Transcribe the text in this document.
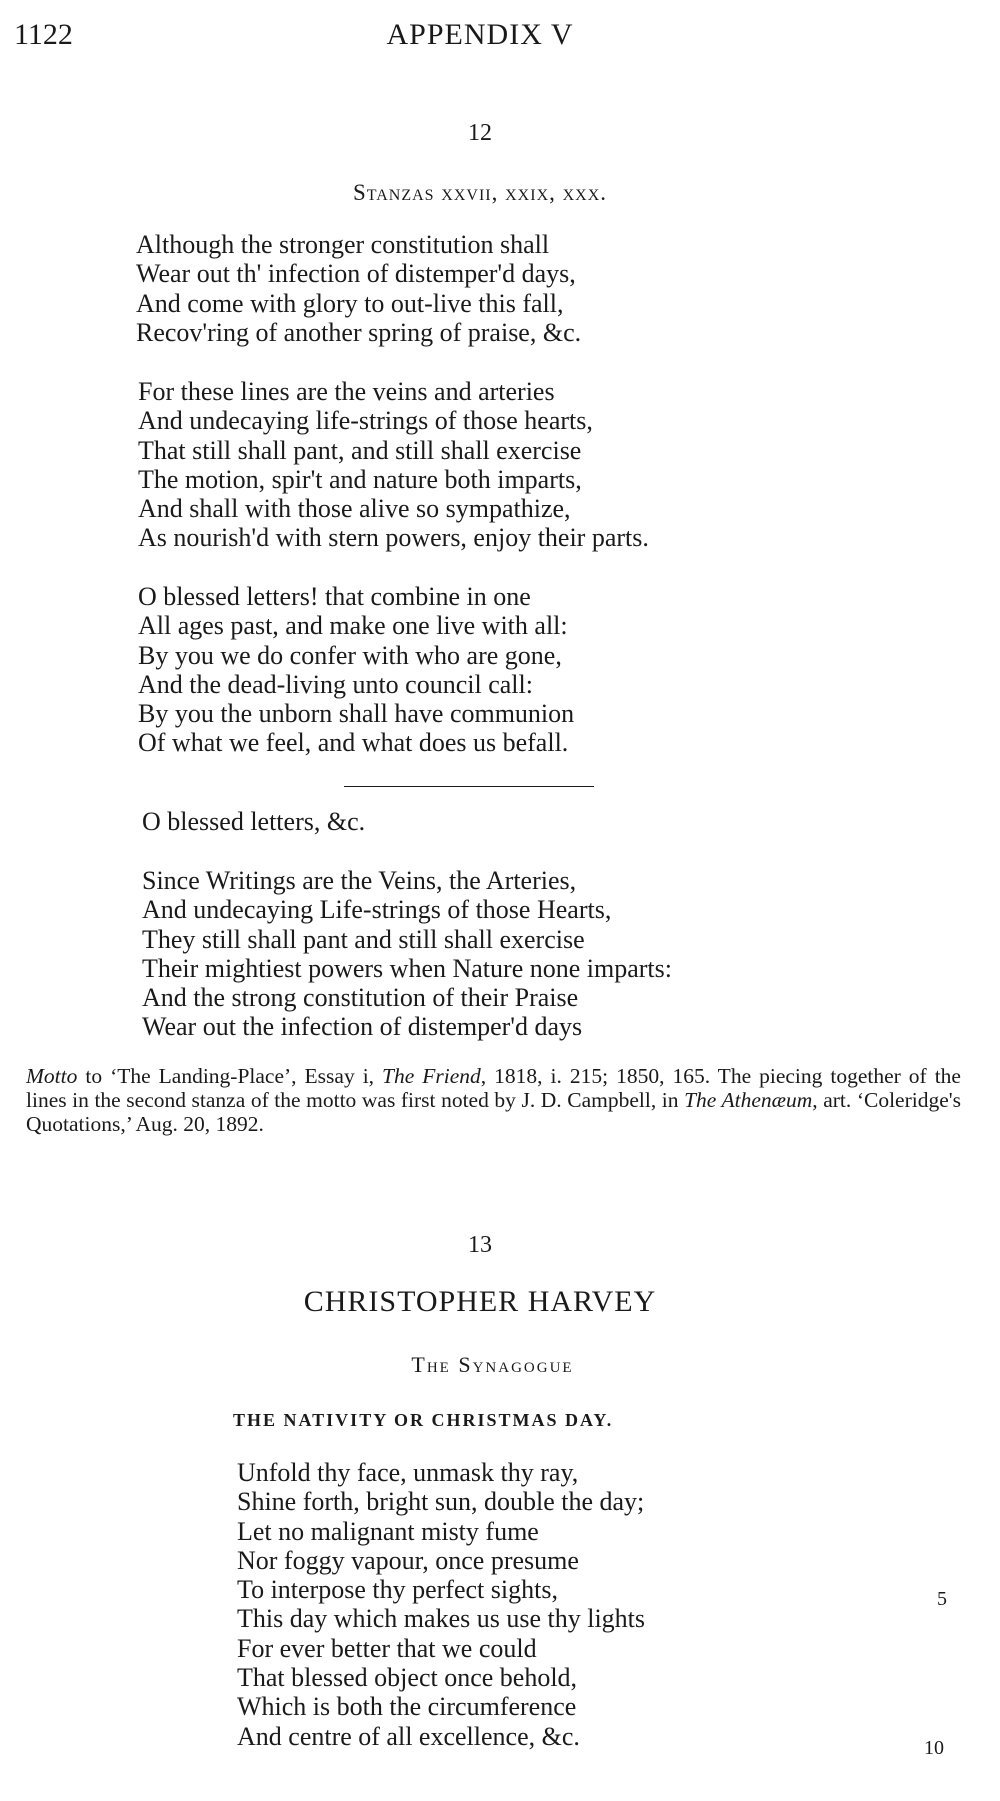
1122	APPENDIX V
12
Stanzas xxvii, xxix, xxx.
Although the stronger constitution shall
Wear out th' infection of distemper'd days,
And come with glory to out-live this fall,
Recov'ring of another spring of praise, &c.
For these lines are the veins and arteries
And undecaying life-strings of those hearts,
That still shall pant, and still shall exercise
The motion, spir't and nature both imparts,
And shall with those alive so sympathize,
As nourish'd with stern powers, enjoy their parts.
O blessed letters! that combine in one
All ages past, and make one live with all:
By you we do confer with who are gone,
And the dead-living unto council call:
By you the unborn shall have communion
Of what we feel, and what does us befall.
O blessed letters, &c.
Since Writings are the Veins, the Arteries,
And undecaying Life-strings of those Hearts,
They still shall pant and still shall exercise
Their mightiest powers when Nature none imparts:
And the strong constitution of their Praise
Wear out the infection of distemper'd days

Motto to ‘The Landing-Place’, Essay i, The Friend, 1818, i. 215; 1850, 165. The piecing together of the lines in the second stanza of the motto was first noted by J. D. Campbell, in The Athenæum, art. ‘Coleridge's Quotations,’ Aug. 20, 1892.

13
CHRISTOPHER HARVEY
The Synagogue
THE NATIVITY OR CHRISTMAS DAY.
Unfold thy face, unmask thy ray,
Shine forth, bright sun, double the day;
Let no malignant misty fume
Nor foggy vapour, once presume
To interpose thy perfect sights,
This day which makes us use thy lights
For ever better that we could
That blessed object once behold,
Which is both the circumference
And centre of all excellence, &c.
5
10
